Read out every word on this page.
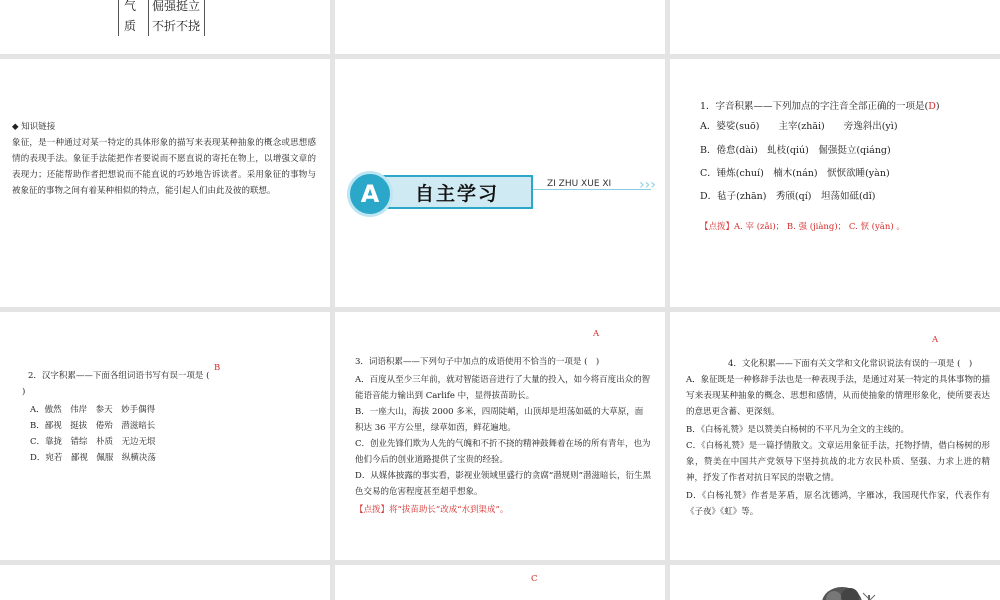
气质
倔强挺立
不折不挠
◆ 知识链接
象征，是一种通过对某一特定的具体形象的描写来表现某种抽象的概念或思想感情的表现手法。象征手法能把作者要说而不愿直说的寄托在物上，以增强文章的表现力；还能帮助作者把想说而不能直说的巧妙地告诉读者。采用象征的事物与被象征的事物之间有着某种相似的特点，能引起人们由此及彼的联想。	自主学习
A	ZI ZHU XUE XI ›››
1．字音积累——下列加点的字注音全部正确的一项是(D)
A．婆娑(suō)　　主宰(zhāi)　　旁逸斜出(yì)
B．倦怠(dài)　虬枝(qiú)　倔强挺立(qiáng)
C．锤炼(chuí)　楠木(nán)　恹恹欲睡(yàn)
D．毡子(zhān)　秀颀(qí)　坦荡如砥(dǐ)
【点拨】A. 宰 (zǎi)； B. 强 (jiàng)； C. 恹 (yān) 。
B
2．汉字积累——下面各组词语书写有误一项是 (
)
A．傲然　伟岸　参天　妙手偶得
B．鄙视　挺拔　倦殆　潜滋暗长
C．靠拢　错综　朴质　无边无垠
D．宛若　鄙视　佩服　纵横决荡
A
3．词语积累——下列句子中加点的成语使用不恰当的一项是 (　)
A．百度从至少三年前，就对智能语音进行了大量的投入，如今将百度出众的智能语音能力输出到 Carlife 中，显得拔苗助长。
B．一座大山，海拔 2000 多米，四周陡峭，山顶却是坦荡如砥的大草原，面积达 36 平方公里，绿草如茵，鲜花遍地。
C．创业先锋们欺为人先的气魄和不折不挠的精神鼓舞着在场的所有青年，也为他们今后的创业道路提供了宝贵的经验。
D．从媒体披露的事实看，影视业领域里盛行的贪腐“潜规则”潜滋暗长，衍生黑色交易的危害程度甚至超乎想象。
【点拨】将“拔苗助长”改成“水到渠成”。
A
4．文化积累——下面有关文学和文化常识说法有误的一项是 (　)
A．象征既是一种修辞手法也是一种表现手法，是通过对某一特定的具体事物的描写来表现某种抽象的概念、思想和感情，从而使抽象的情理形象化，使所要表达的意思更含蓄、更深刻。
B．《白杨礼赞》是以赞美白杨树的不平凡为全文的主线的。
C．《白杨礼赞》是一篇抒情散文。文章运用象征手法，托物抒情，借白杨树的形象，赞美在中国共产党领导下坚持抗战的北方农民朴质、坚强、力求上进的精神，抒发了作者对抗日军民的崇敬之情。
D．《白杨礼赞》作者是茅盾，原名沈德鸿，字雁冰，我国现代作家，代表作有《子夜》《虹》等。
C
